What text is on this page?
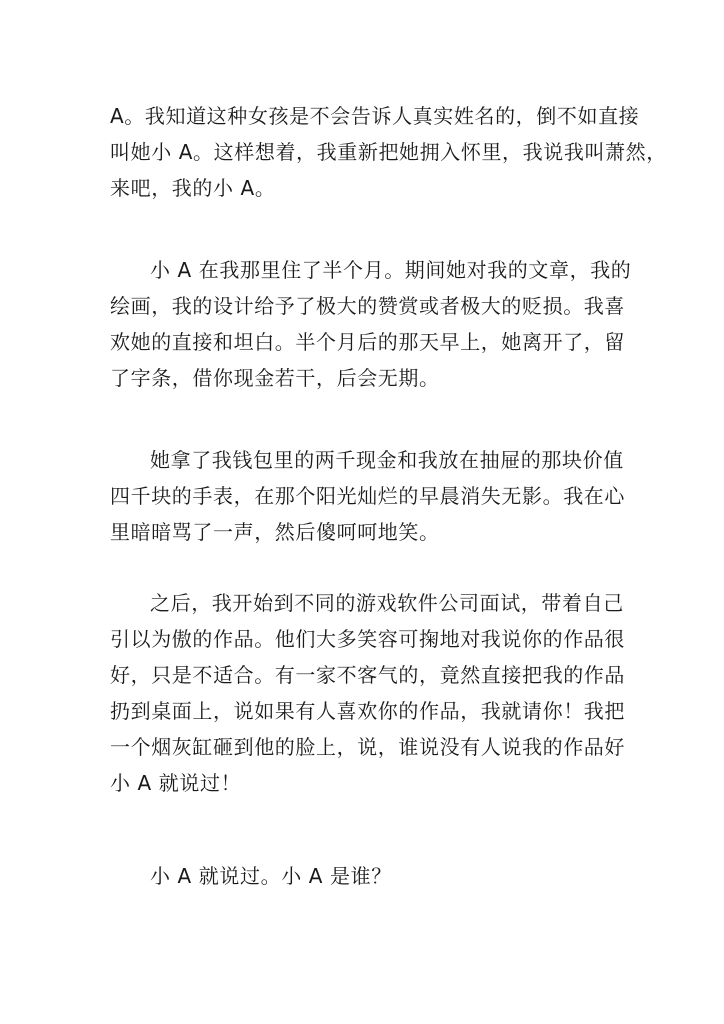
A。我知道这种女孩是不会告诉人真实姓名的，倒不如直接
叫她小 A。这样想着，我重新把她拥入怀里，我说我叫萧然，
来吧，我的小 A。
小 A 在我那里住了半个月。期间她对我的文章，我的
绘画，我的设计给予了极大的赞赏或者极大的贬损。我喜
欢她的直接和坦白。半个月后的那天早上，她离开了，留
了字条，借你现金若干，后会无期。
她拿了我钱包里的两千现金和我放在抽屉的那块价值
四千块的手表，在那个阳光灿烂的早晨消失无影。我在心
里暗暗骂了一声，然后傻呵呵地笑。
之后，我开始到不同的游戏软件公司面试，带着自己
引以为傲的作品。他们大多笑容可掬地对我说你的作品很
好，只是不适合。有一家不客气的，竟然直接把我的作品
扔到桌面上，说如果有人喜欢你的作品，我就请你！我把
一个烟灰缸砸到他的脸上，说，谁说没有人说我的作品好
小 A 就说过！
小 A 就说过。小 A 是谁？
